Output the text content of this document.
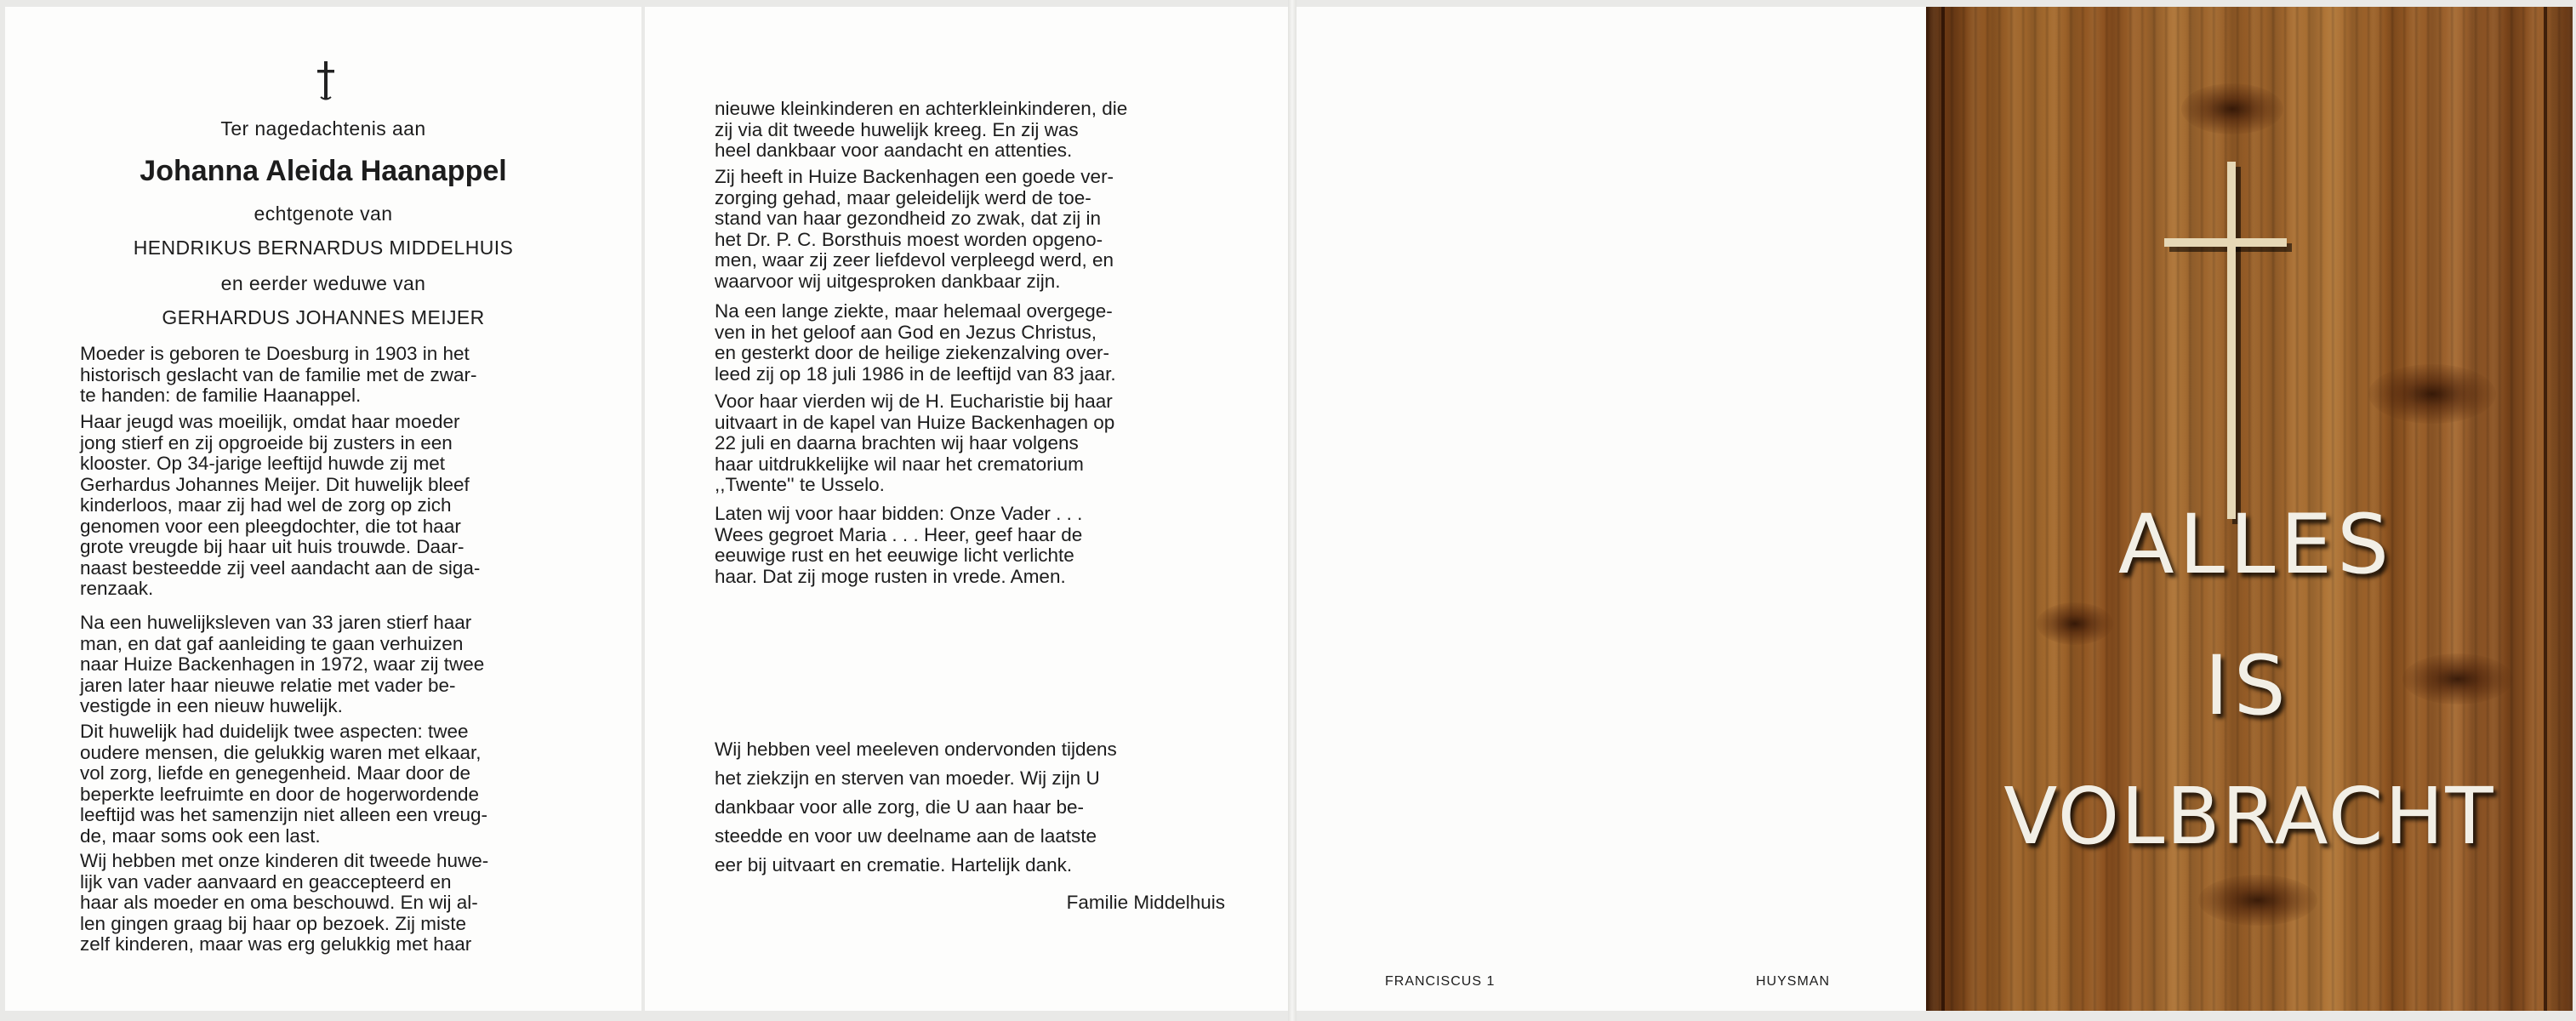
Ter nagedachtenis aan
Johanna Aleida Haanappel
echtgenote van
HENDRIKUS BERNARDUS MIDDELHUIS
en eerder weduwe van
GERHARDUS JOHANNES MEIJER

Moeder is geboren te Doesburg in 1903 in het
historisch geslacht van de familie met de zwar-
te handen: de familie Haanappel.

Haar jeugd was moeilijk, omdat haar moeder
jong stierf en zij opgroeide bij zusters in een
klooster. Op 34-jarige leeftijd huwde zij met
Gerhardus Johannes Meijer. Dit huwelijk bleef
kinderloos, maar zij had wel de zorg op zich
genomen voor een pleegdochter, die tot haar
grote vreugde bij haar uit huis trouwde. Daar-
naast besteedde zij veel aandacht aan de siga-
renzaak.

Na een huwelijksleven van 33 jaren stierf haar
man, en dat gaf aanleiding te gaan verhuizen
naar Huize Backenhagen in 1972, waar zij twee
jaren later haar nieuwe relatie met vader be-
vestigde in een nieuw huwelijk.

Dit huwelijk had duidelijk twee aspecten: twee
oudere mensen, die gelukkig waren met elkaar,
vol zorg, liefde en genegenheid. Maar door de
beperkte leefruimte en door de hogerwordende
leeftijd was het samenzijn niet alleen een vreug-
de, maar soms ook een last.

Wij hebben met onze kinderen dit tweede huwe-
lijk van vader aanvaard en geaccepteerd en
haar als moeder en oma beschouwd. En wij al-
len gingen graag bij haar op bezoek. Zij miste
zelf kinderen, maar was erg gelukkig met haar

nieuwe kleinkinderen en achterkleinkinderen, die
zij via dit tweede huwelijk kreeg. En zij was
heel dankbaar voor aandacht en attenties.

Zij heeft in Huize Backenhagen een goede ver-
zorging gehad, maar geleidelijk werd de toe-
stand van haar gezondheid zo zwak, dat zij in
het Dr. P. C. Borsthuis moest worden opgeno-
men, waar zij zeer liefdevol verpleegd werd, en
waarvoor wij uitgesproken dankbaar zijn.

Na een lange ziekte, maar helemaal overgege-
ven in het geloof aan God en Jezus Christus,
en gesterkt door de heilige ziekenzalving over-
leed zij op 18 juli 1986 in de leeftijd van 83 jaar.

Voor haar vierden wij de H. Eucharistie bij haar
uitvaart in de kapel van Huize Backenhagen op
22 juli en daarna brachten wij haar volgens
haar uitdrukkelijke wil naar het crematorium
,,Twente'' te Usselo.

Laten wij voor haar bidden: Onze Vader . . .
Wees gegroet Maria . . . Heer, geef haar de
eeuwige rust en het eeuwige licht verlichte
haar. Dat zij moge rusten in vrede. Amen.

Wij hebben veel meeleven ondervonden tijdens
het ziekzijn en sterven van moeder. Wij zijn U
dankbaar voor alle zorg, die U aan haar be-
steedde en voor uw deelname aan de laatste
eer bij uitvaart en crematie. Hartelijk dank.

Familie Middelhuis
FRANCISCUS 1	HUYSMAN
ALLES
IS
VOLBRACHT
